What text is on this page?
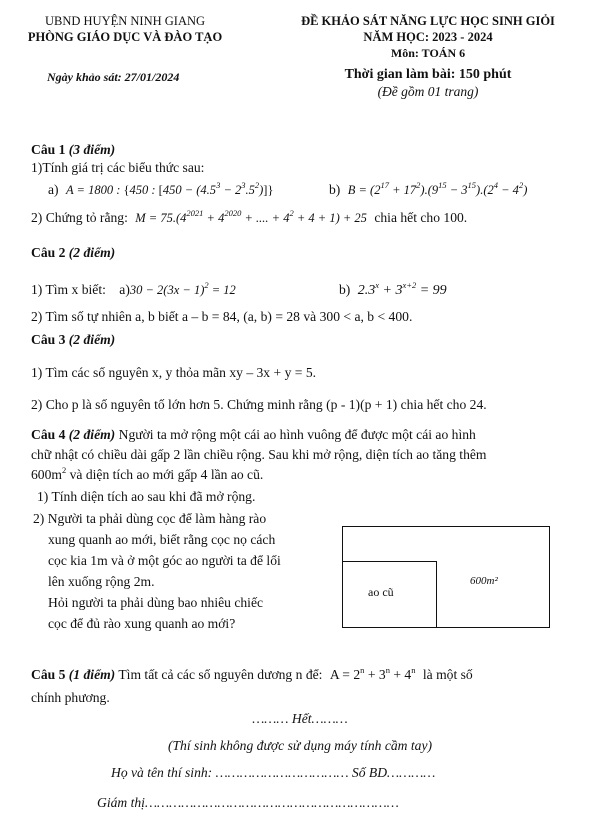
UBND HUYỆN NINH GIANG
PHÒNG GIÁO DỤC VÀ ĐÀO TẠO
Ngày khảo sát: 27/01/2024
ĐỀ KHẢO SÁT NĂNG LỰC HỌC SINH GIỎI
NĂM HỌC: 2023 - 2024
Môn: TOÁN 6
Thời gian làm bài: 150 phút
(Đề gồm 01 trang)
Câu 1 (3 điểm)
1)Tính giá trị các biểu thức sau:
a) A = 1800 : {450 : $[450 - (4.5^3 - 2^3.5^2)]$}	b) $B = (2^{17} + 17^2).(9^{15} - 3^{15}).(2^4 - 4^2)$
2) Chứng tỏ rằng: $M = 75.(4^{2021} + 4^{2020}$ + .... + $4^2 + 4 + 1) + 25$ chia hết cho 100.
Câu 2 (2 điểm)
1) Tìm x biết: $a)30 - 2(3x - 1)^2 = 12$	b) $2.3^x + 3^{x+2} = 99$
2) Tìm số tự nhiên a, b biết a – b = 84, (a, b) = 28 và 300 < a, b < 400.
Câu 3 (2 điểm)
1) Tìm các số nguyên x, y thỏa mãn xy – 3x + y = 5.
2) Cho p là số nguyên tố lớn hơn 5. Chứng minh rằng (p - 1)(p + 1) chia hết cho 24.
Câu 4 (2 điểm) Người ta mở rộng một cái ao hình vuông để được một cái ao hình
chữ nhật có chiều dài gấp 2 lần chiều rộng. Sau khi mở rộng, diện tích ao tăng thêm
$600m^2$ và diện tích ao mới gấp 4 lần ao cũ.
1) Tính diện tích ao sau khi đã mở rộng.
2) Người ta phải dùng cọc để làm hàng rào
xung quanh ao mới, biết rằng cọc nọ cách
cọc kia 1m và ở một góc ao người ta để lối
lên xuống rộng 2m.
Hỏi người ta phải dùng bao nhiêu chiếc
cọc để đủ rào xung quanh ao mới?
ao cũ
600m²
Câu 5 (1 điểm) Tìm tất cả các số nguyên dương n để: $A = 2^n + 3^n + 4^n$ là một số
chính phương.
……… Hết………
(Thí sinh không được sử dụng máy tính cầm tay)
Họ và tên thí sinh: …………………………… Số BD…………
Giám thị………………………………………………………
